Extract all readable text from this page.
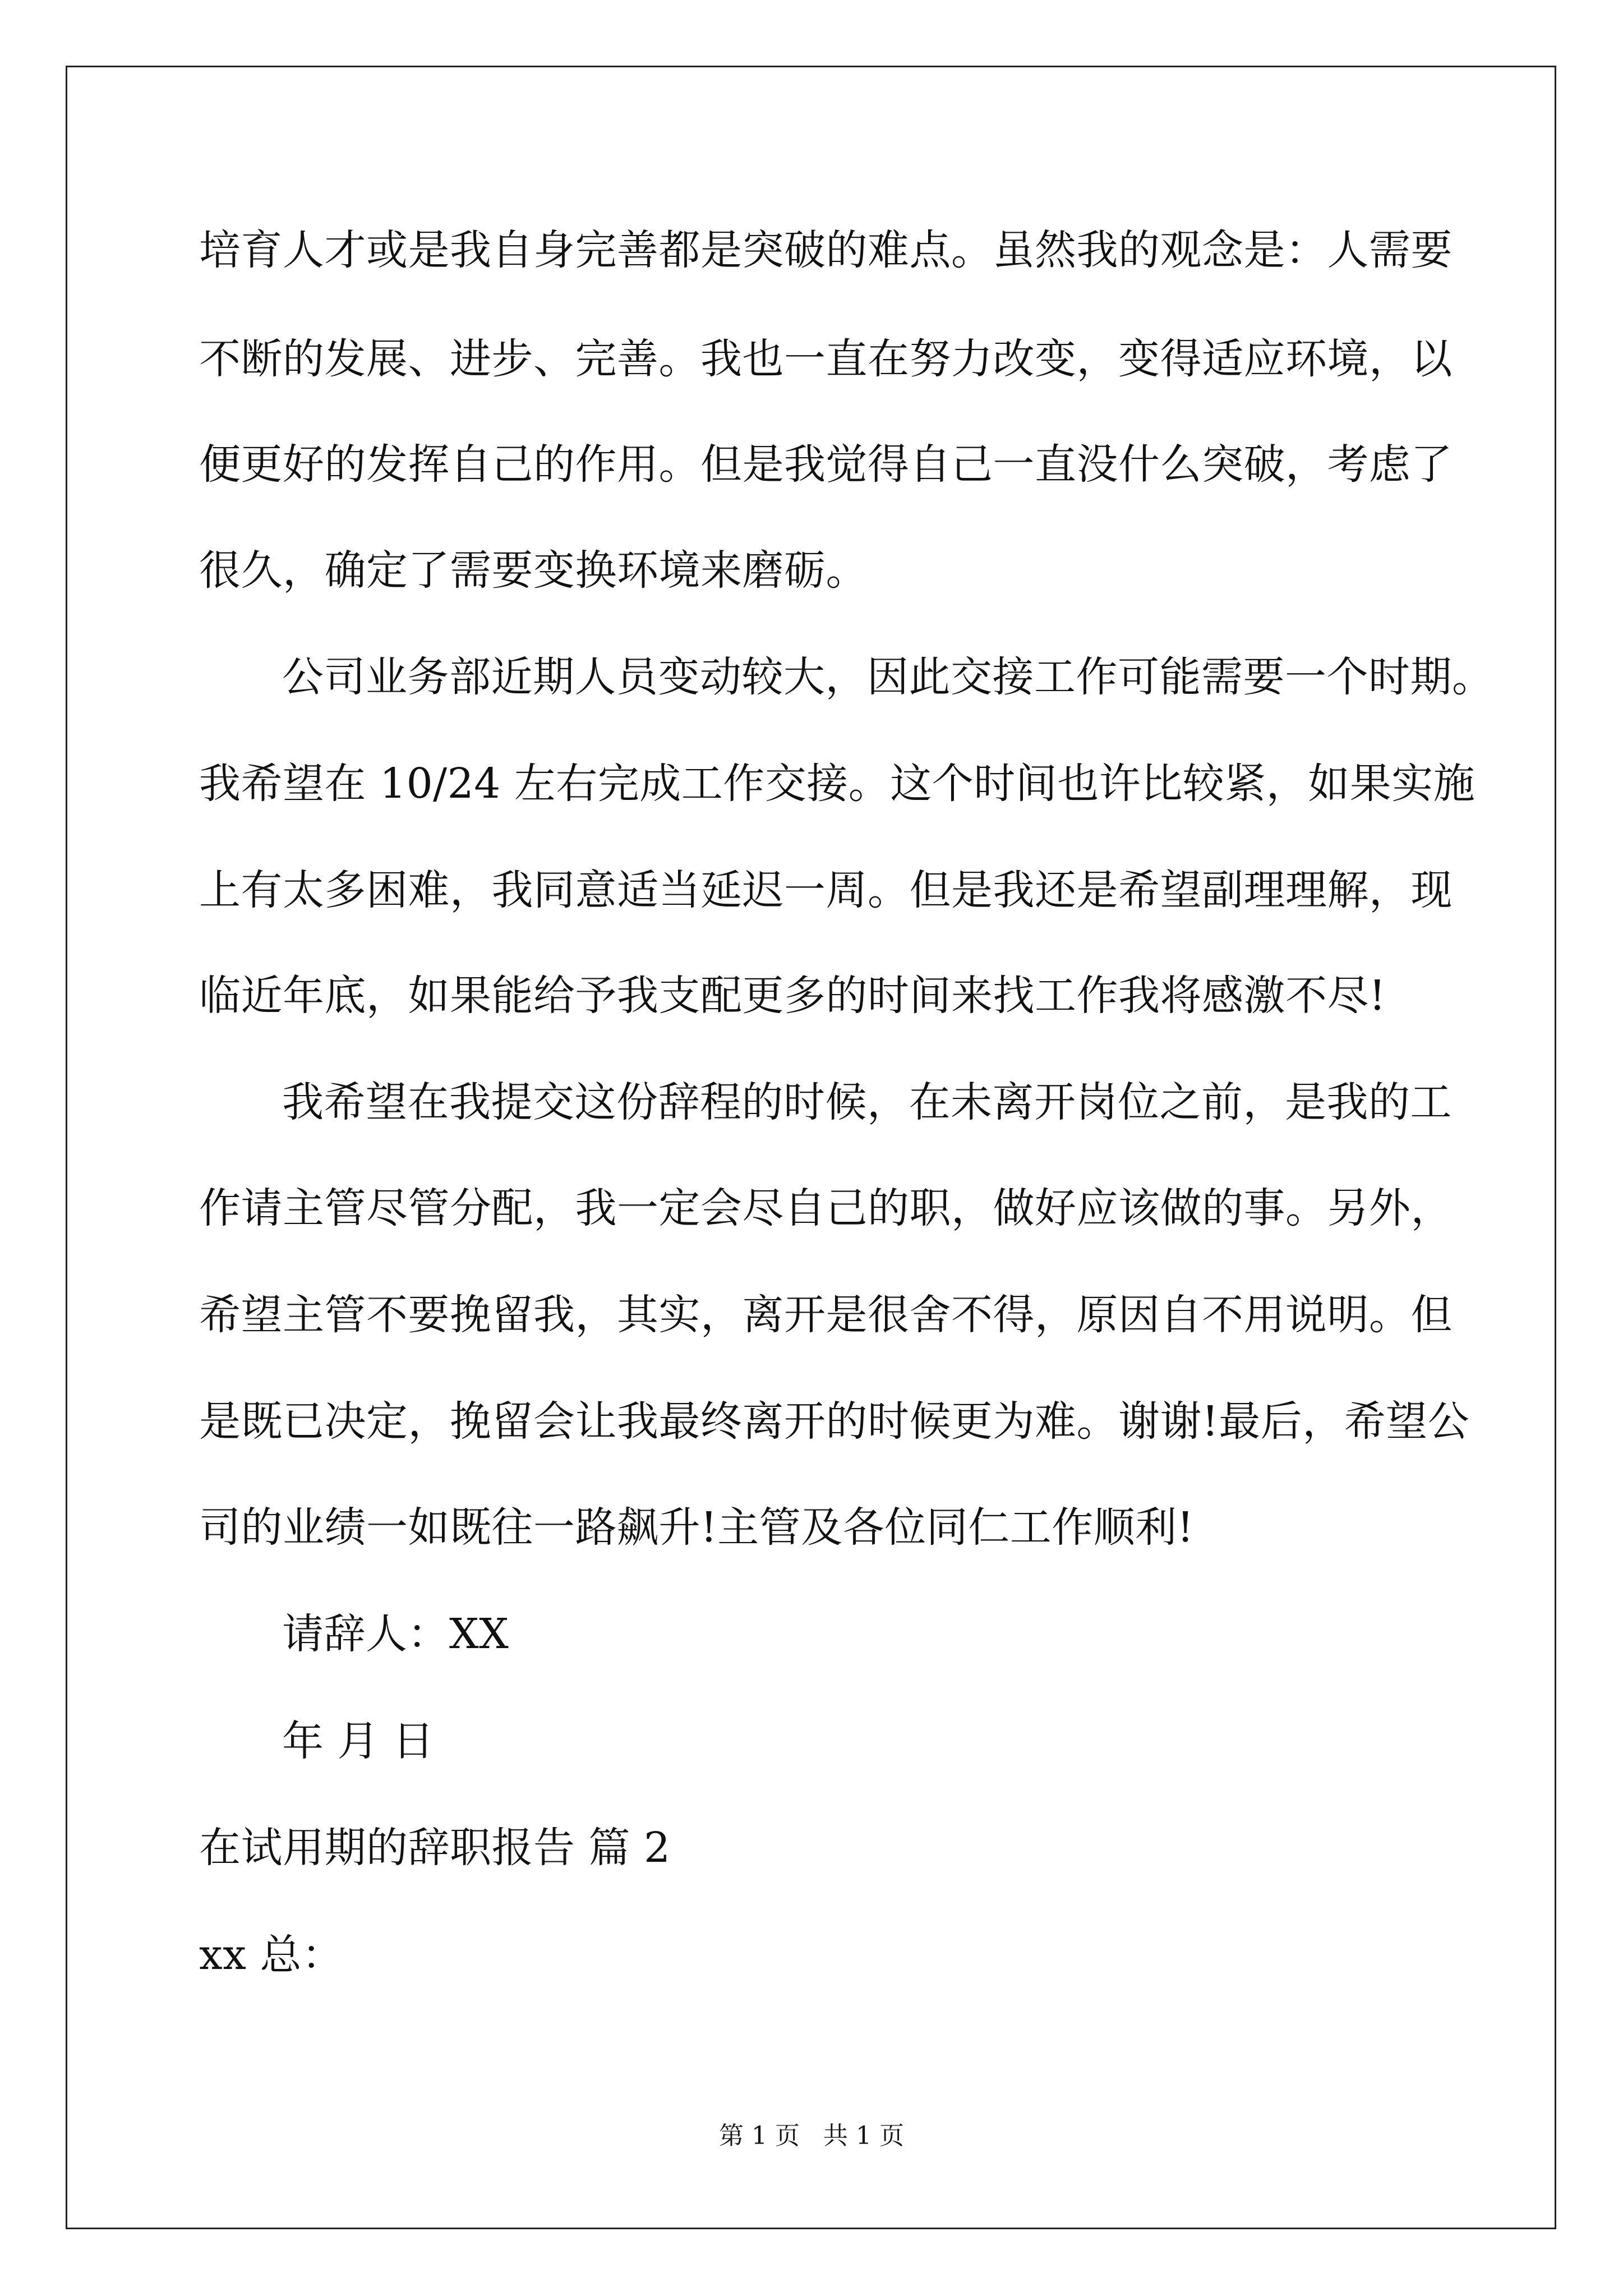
培育人才或是我自身完善都是突破的难点。虽然我的观念是：人需要
不断的发展、进步、完善。我也一直在努力改变，变得适应环境，以
便更好的发挥自己的作用。但是我觉得自己一直没什么突破，考虑了
很久，确定了需要变换环境来磨砺。
公司业务部近期人员变动较大，因此交接工作可能需要一个时期。
我希望在 10/24 左右完成工作交接。这个时间也许比较紧，如果实施
上有太多困难，我同意适当延迟一周。但是我还是希望副理理解，现
临近年底，如果能给予我支配更多的时间来找工作我将感激不尽!
我希望在我提交这份辞程的时候，在未离开岗位之前，是我的工
作请主管尽管分配，我一定会尽自己的职，做好应该做的事。另外，
希望主管不要挽留我，其实，离开是很舍不得，原因自不用说明。但
是既已决定，挽留会让我最终离开的时候更为难。谢谢!最后，希望公
司的业绩一如既往一路飙升!主管及各位同仁工作顺利!
请辞人：XX
年 月 日
在试用期的辞职报告 篇 2
xx 总：
第 1 页   共 1 页
